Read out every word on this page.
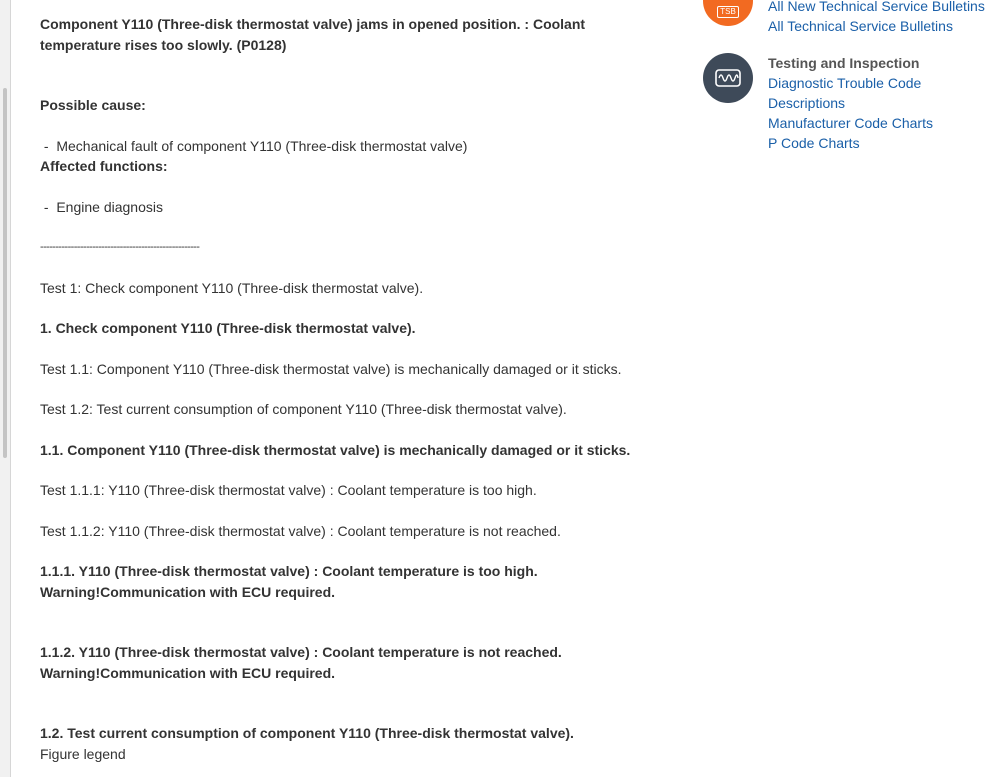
Component Y110 (Three-disk thermostat valve) jams in opened position. : Coolant temperature rises too slowly. (P0128)

Possible cause:

-  Mechanical fault of component Y110 (Three-disk thermostat valve)

Affected functions:

-  Engine diagnosis

----------------------------------------------------

Test 1: Check component Y110 (Three-disk thermostat valve).

1. Check component Y110 (Three-disk thermostat valve).

Test 1.1: Component Y110 (Three-disk thermostat valve) is mechanically damaged or it sticks.

Test 1.2: Test current consumption of component Y110 (Three-disk thermostat valve).

1.1. Component Y110 (Three-disk thermostat valve) is mechanically damaged or it sticks.

Test 1.1.1: Y110 (Three-disk thermostat valve) : Coolant temperature is too high.

Test 1.1.2: Y110 (Three-disk thermostat valve) : Coolant temperature is not reached.

1.1.1. Y110 (Three-disk thermostat valve) : Coolant temperature is too high.

Warning!Communication with ECU required.

1.1.2. Y110 (Three-disk thermostat valve) : Coolant temperature is not reached.

Warning!Communication with ECU required.

1.2. Test current consumption of component Y110 (Three-disk thermostat valve).

Figure legend

TSB All New Technical Service Bulletins
All Technical Service Bulletins
Testing and Inspection
Diagnostic Trouble Code Descriptions
Manufacturer Code Charts
P Code Charts
